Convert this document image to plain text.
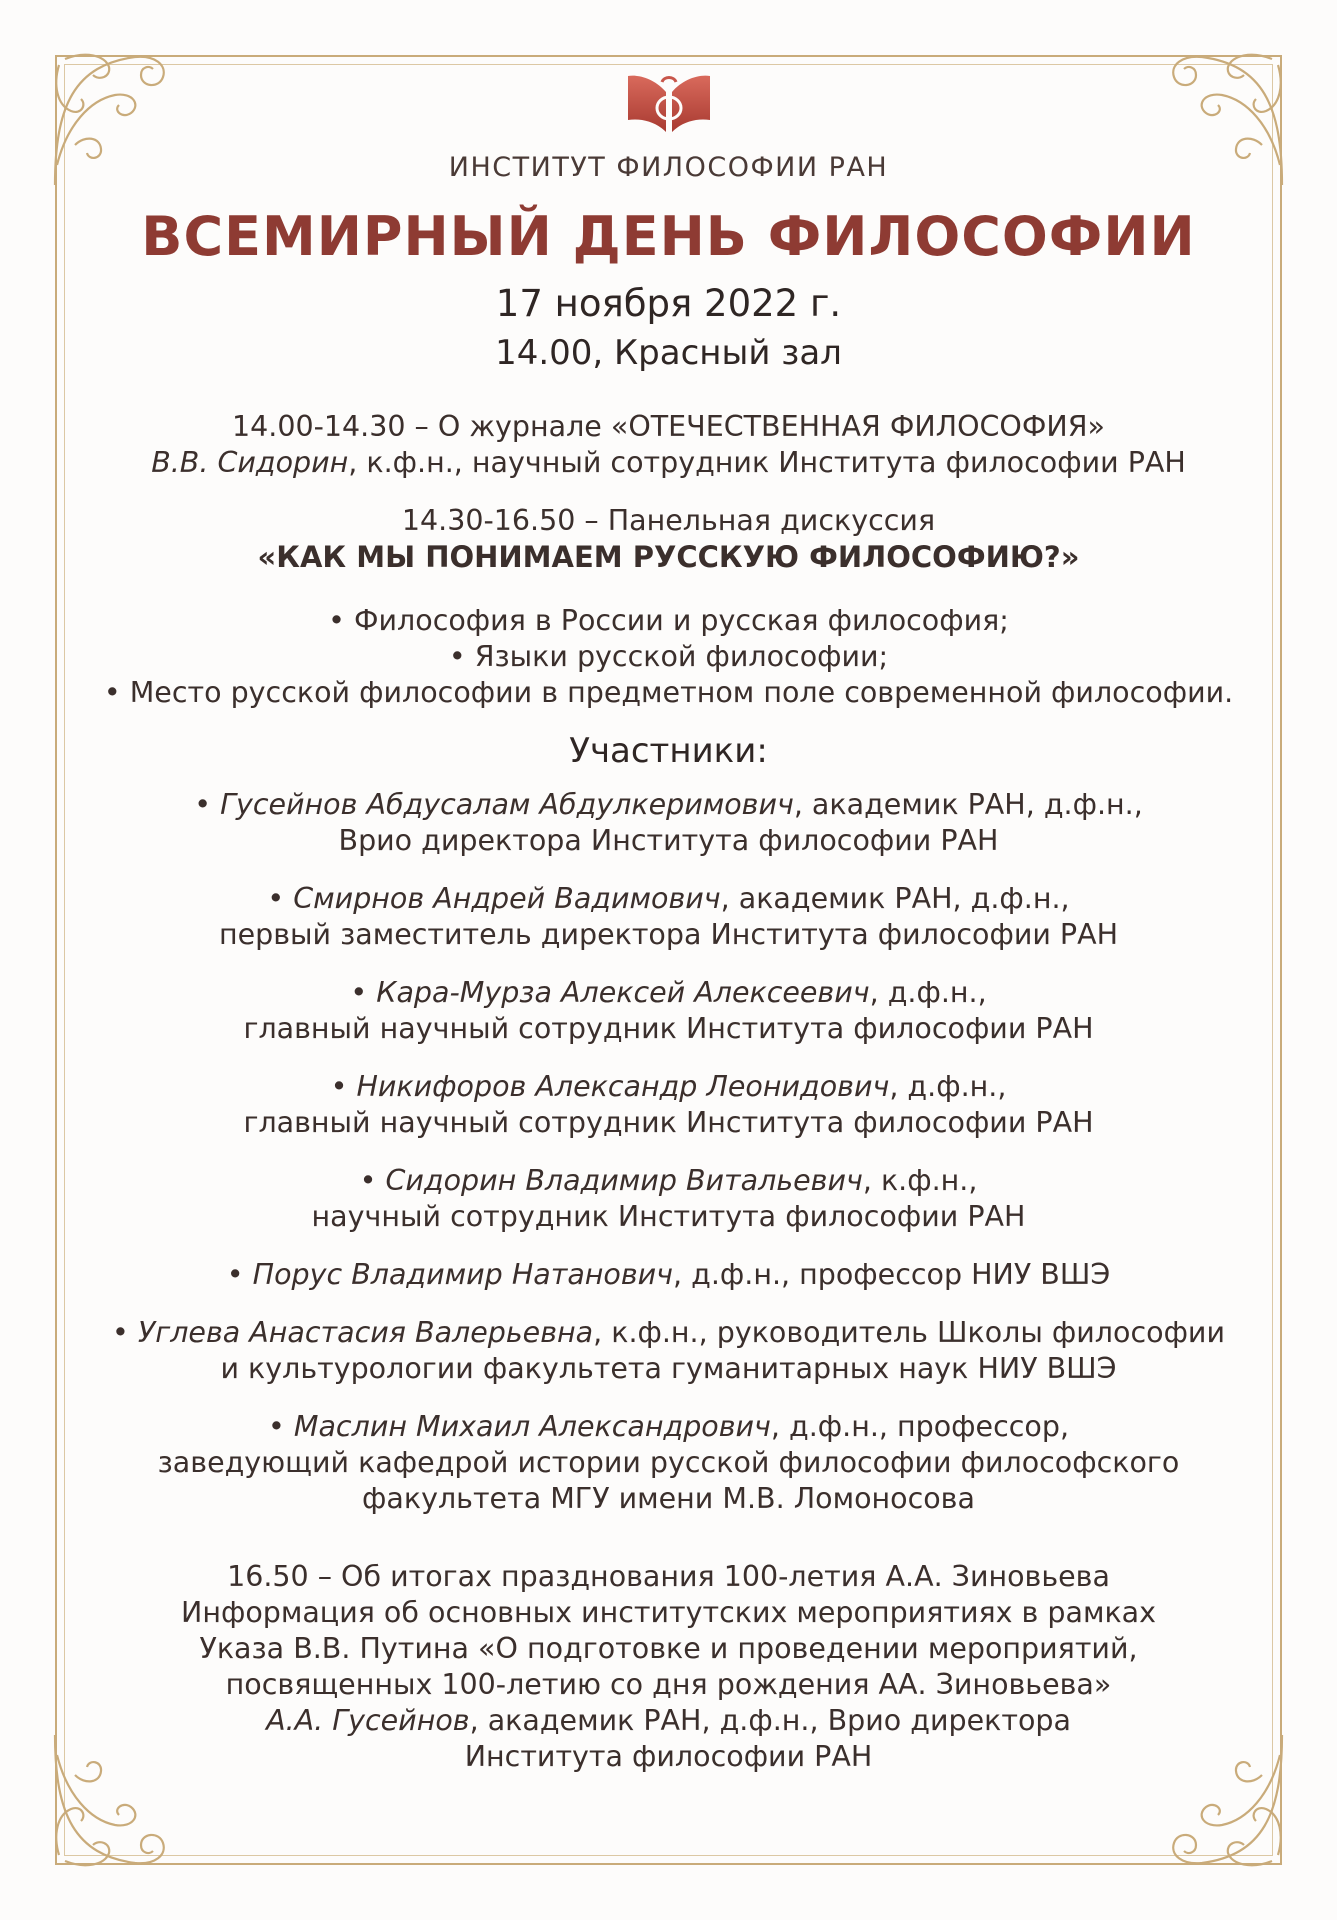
ИНСТИТУТ ФИЛОСОФИИ РАН
ВСЕМИРНЫЙ ДЕНЬ ФИЛОСОФИИ
17 ноября 2022 г.
14.00, Красный зал
14.00-14.30 – О журнале «ОТЕЧЕСТВЕННАЯ ФИЛОСОФИЯ»
В.В. Сидорин, к.ф.н., научный сотрудник Института философии РАН
14.30-16.50 – Панельная дискуссия
«КАК МЫ ПОНИМАЕМ РУССКУЮ ФИЛОСОФИЮ?»
• Философия в России и русская философия;
• Языки русской философии;
• Место русской философии в предметном поле современной философии.
Участники:
• Гусейнов Абдусалам Абдулкеримович, академик РАН, д.ф.н.,
Врио директора Института философии РАН
• Смирнов Андрей Вадимович, академик РАН, д.ф.н.,
первый заместитель директора Института философии РАН
• Кара-Мурза Алексей Алексеевич, д.ф.н.,
главный научный сотрудник Института философии РАН
• Никифоров Александр Леонидович, д.ф.н.,
главный научный сотрудник Института философии РАН
• Сидорин Владимир Витальевич, к.ф.н.,
научный сотрудник Института философии РАН
• Порус Владимир Натанович, д.ф.н., профессор НИУ ВШЭ
• Углева Анастасия Валерьевна, к.ф.н., руководитель Школы философии
и культурологии факультета гуманитарных наук НИУ ВШЭ
• Маслин Михаил Александрович, д.ф.н., профессор,
заведующий кафедрой истории русской философии философского
факультета МГУ имени М.В. Ломоносова
16.50 – Об итогах празднования 100-летия А.А. Зиновьева
Информация об основных институтских мероприятиях в рамках
Указа В.В. Путина «О подготовке и проведении мероприятий,
посвященных 100-летию со дня рождения АА. Зиновьева»
А.А. Гусейнов, академик РАН, д.ф.н., Врио директора
Института философии РАН
